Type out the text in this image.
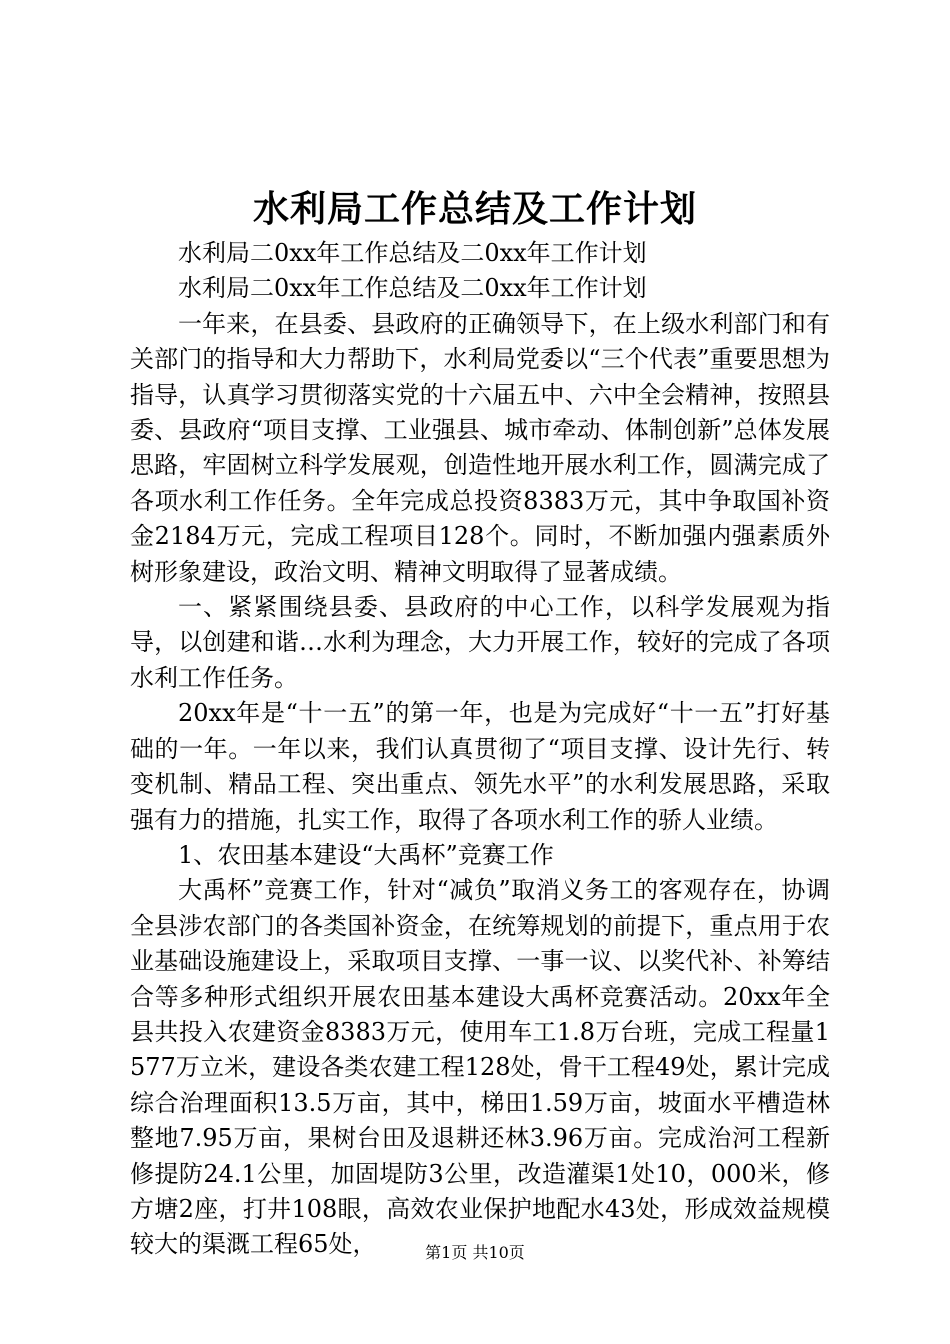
水利局工作总结及工作计划

水利局二0xx年工作总结及二0xx年工作计划

水利局二0xx年工作总结及二0xx年工作计划

一年来，在县委、县政府的正确领导下，在上级水利部门和有关部门的指导和大力帮助下，水利局党委以“三个代表”重要思想为指导，认真学习贯彻落实党的十六届五中、六中全会精神，按照县委、县政府“项目支撑、工业强县、城市牵动、体制创新”总体发展思路，牢固树立科学发展观，创造性地开展水利工作，圆满完成了各项水利工作任务。全年完成总投资8383万元，其中争取国补资金2184万元，完成工程项目128个。同时，不断加强内强素质外树形象建设，政治文明、精神文明取得了显著成绩。

一、紧紧围绕县委、县政府的中心工作，以科学发展观为指导，以创建和谐…水利为理念，大力开展工作，较好的完成了各项水利工作任务。

20xx年是“十一五”的第一年，也是为完成好“十一五”打好基础的一年。一年以来，我们认真贯彻了“项目支撑、设计先行、转变机制、精品工程、突出重点、领先水平”的水利发展思路，采取强有力的措施，扎实工作，取得了各项水利工作的骄人业绩。

1、农田基本建设“大禹杯”竞赛工作

大禹杯”竞赛工作，针对“减负”取消义务工的客观存在，协调全县涉农部门的各类国补资金，在统筹规划的前提下，重点用于农业基础设施建设上，采取项目支撑、一事一议、以奖代补、补筹结合等多种形式组织开展农田基本建设大禹杯竞赛活动。20xx年全县共投入农建资金8383万元，使用车工1.8万台班，完成工程量1577万立米，建设各类农建工程128处，骨干工程49处，累计完成综合治理面积13.5万亩，其中，梯田1.59万亩，坡面水平槽造林整地7.95万亩，果树台田及退耕还林3.96万亩。完成治河工程新修提防24.1公里，加固堤防3公里，改造灌渠1处10，000米，修方塘2座，打井108眼，高效农业保护地配水43处，形成效益规模较大的渠溉工程65处，	第1页 共10页
